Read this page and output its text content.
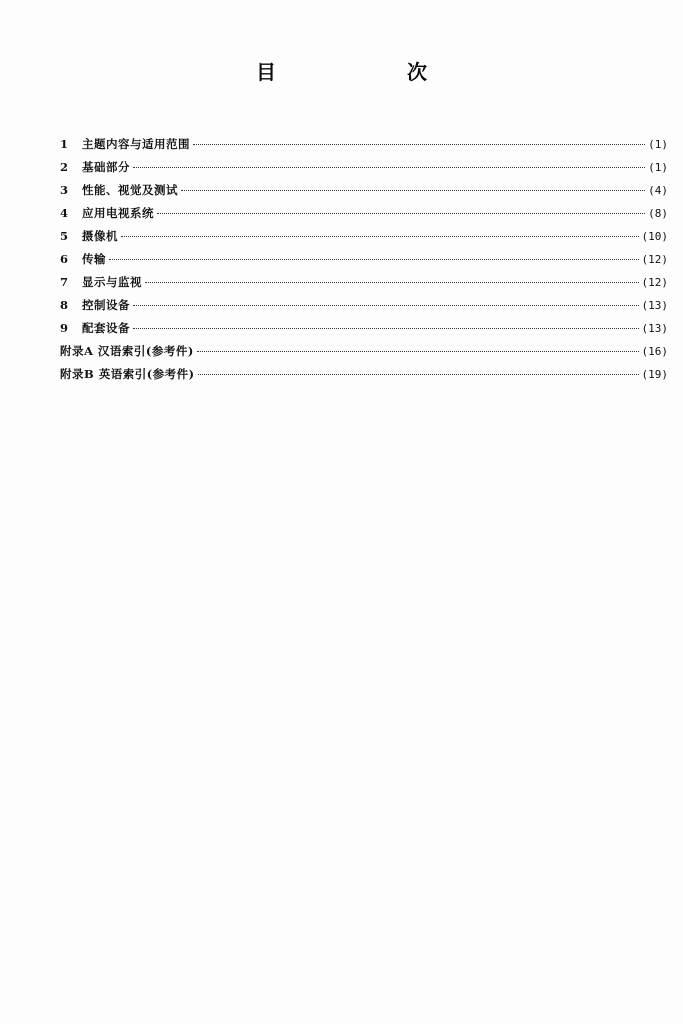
目 次
1	主题内容与适用范围	(1)
2	基础部分	(1)
3	性能、视觉及测试	(4)
4	应用电视系统	(8)
5	摄像机	(10)
6	传输	(12)
7	显示与监视	(12)
8	控制设备	(13)
9	配套设备	(13)
附录A 汉语索引(参考件)	(16)
附录B 英语索引(参考件)	(19)
